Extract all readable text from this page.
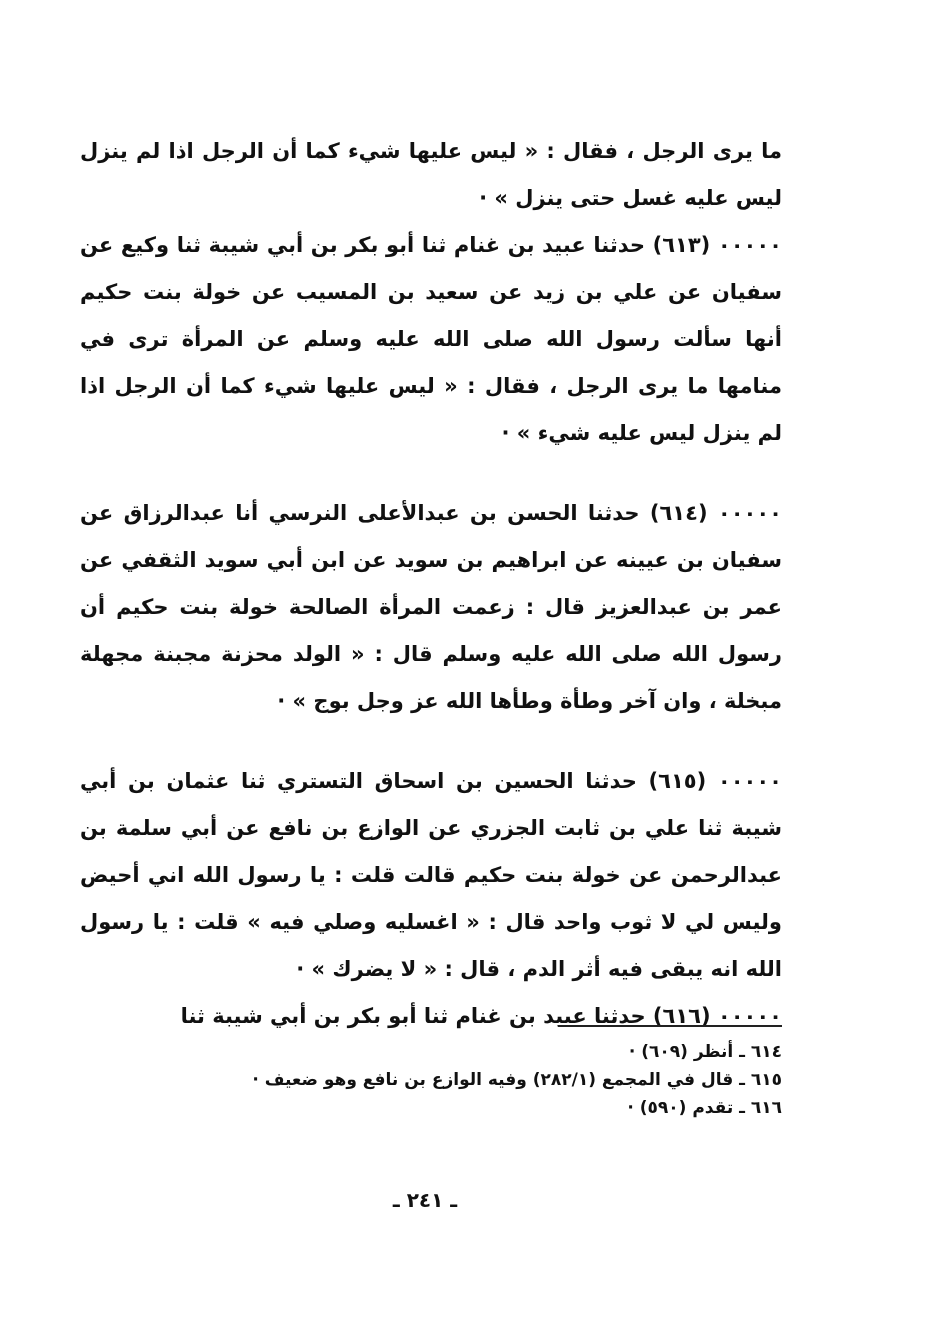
ما يرى الرجل ، فقال : « ليس عليها شيء كما أن الرجل اذا لم ينزل ليس عليه غسل حتى ينزل » ·

٠٠٠٠٠ (٦١٣) حدثنا عبيد بن غنام ثنا أبو بكر بن أبي شيبة ثنا وكيع عن سفيان عن علي بن زيد عن سعيد بن المسيب عن خولة بنت حكيم أنها سألت رسول الله صلى الله عليه وسلم عن المرأة ترى في منامها ما يرى الرجل ، فقال : « ليس عليها شيء كما أن الرجل اذا لم ينزل ليس عليه شيء » ·

٠٠٠٠٠ (٦١٤) حدثنا الحسن بن عبدالأعلى النرسي أنا عبدالرزاق عن سفيان بن عيينه عن ابراهيم بن سويد عن ابن أبي سويد الثقفي عن عمر بن عبدالعزيز قال : زعمت المرأة الصالحة خولة بنت حكيم أن رسول الله صلى الله عليه وسلم قال : « الولد محزنة مجبنة مجهلة مبخلة ، وان آخر وطأة وطأها الله عز وجل بوج » ·

٠٠٠٠٠ (٦١٥) حدثنا الحسين بن اسحاق التستري ثنا عثمان بن أبي شيبة ثنا علي بن ثابت الجزري عن الوازع بن نافع عن أبي سلمة بن عبدالرحمن عن خولة بنت حكيم قالت قلت : يا رسول الله اني أحيض وليس لي لا ثوب واحد قال : « اغسليه وصلي فيه » قلت : يا رسول الله انه يبقى فيه أثر الدم ، قال : « لا يضرك » ·

٠٠٠٠٠ (٦١٦) حدثنا عبيد بن غنام ثنا أبو بكر بن أبي شيبة ثنا

٦١٤ ـ أنظر (٦٠٩) ·

٦١٥ ـ قال في المجمع (٢٨٢/١) وفيه الوازع بن نافع وهو ضعيف ·

٦١٦ ـ تقدم (٥٩٠) ·

ـ ٢٤١ ـ
